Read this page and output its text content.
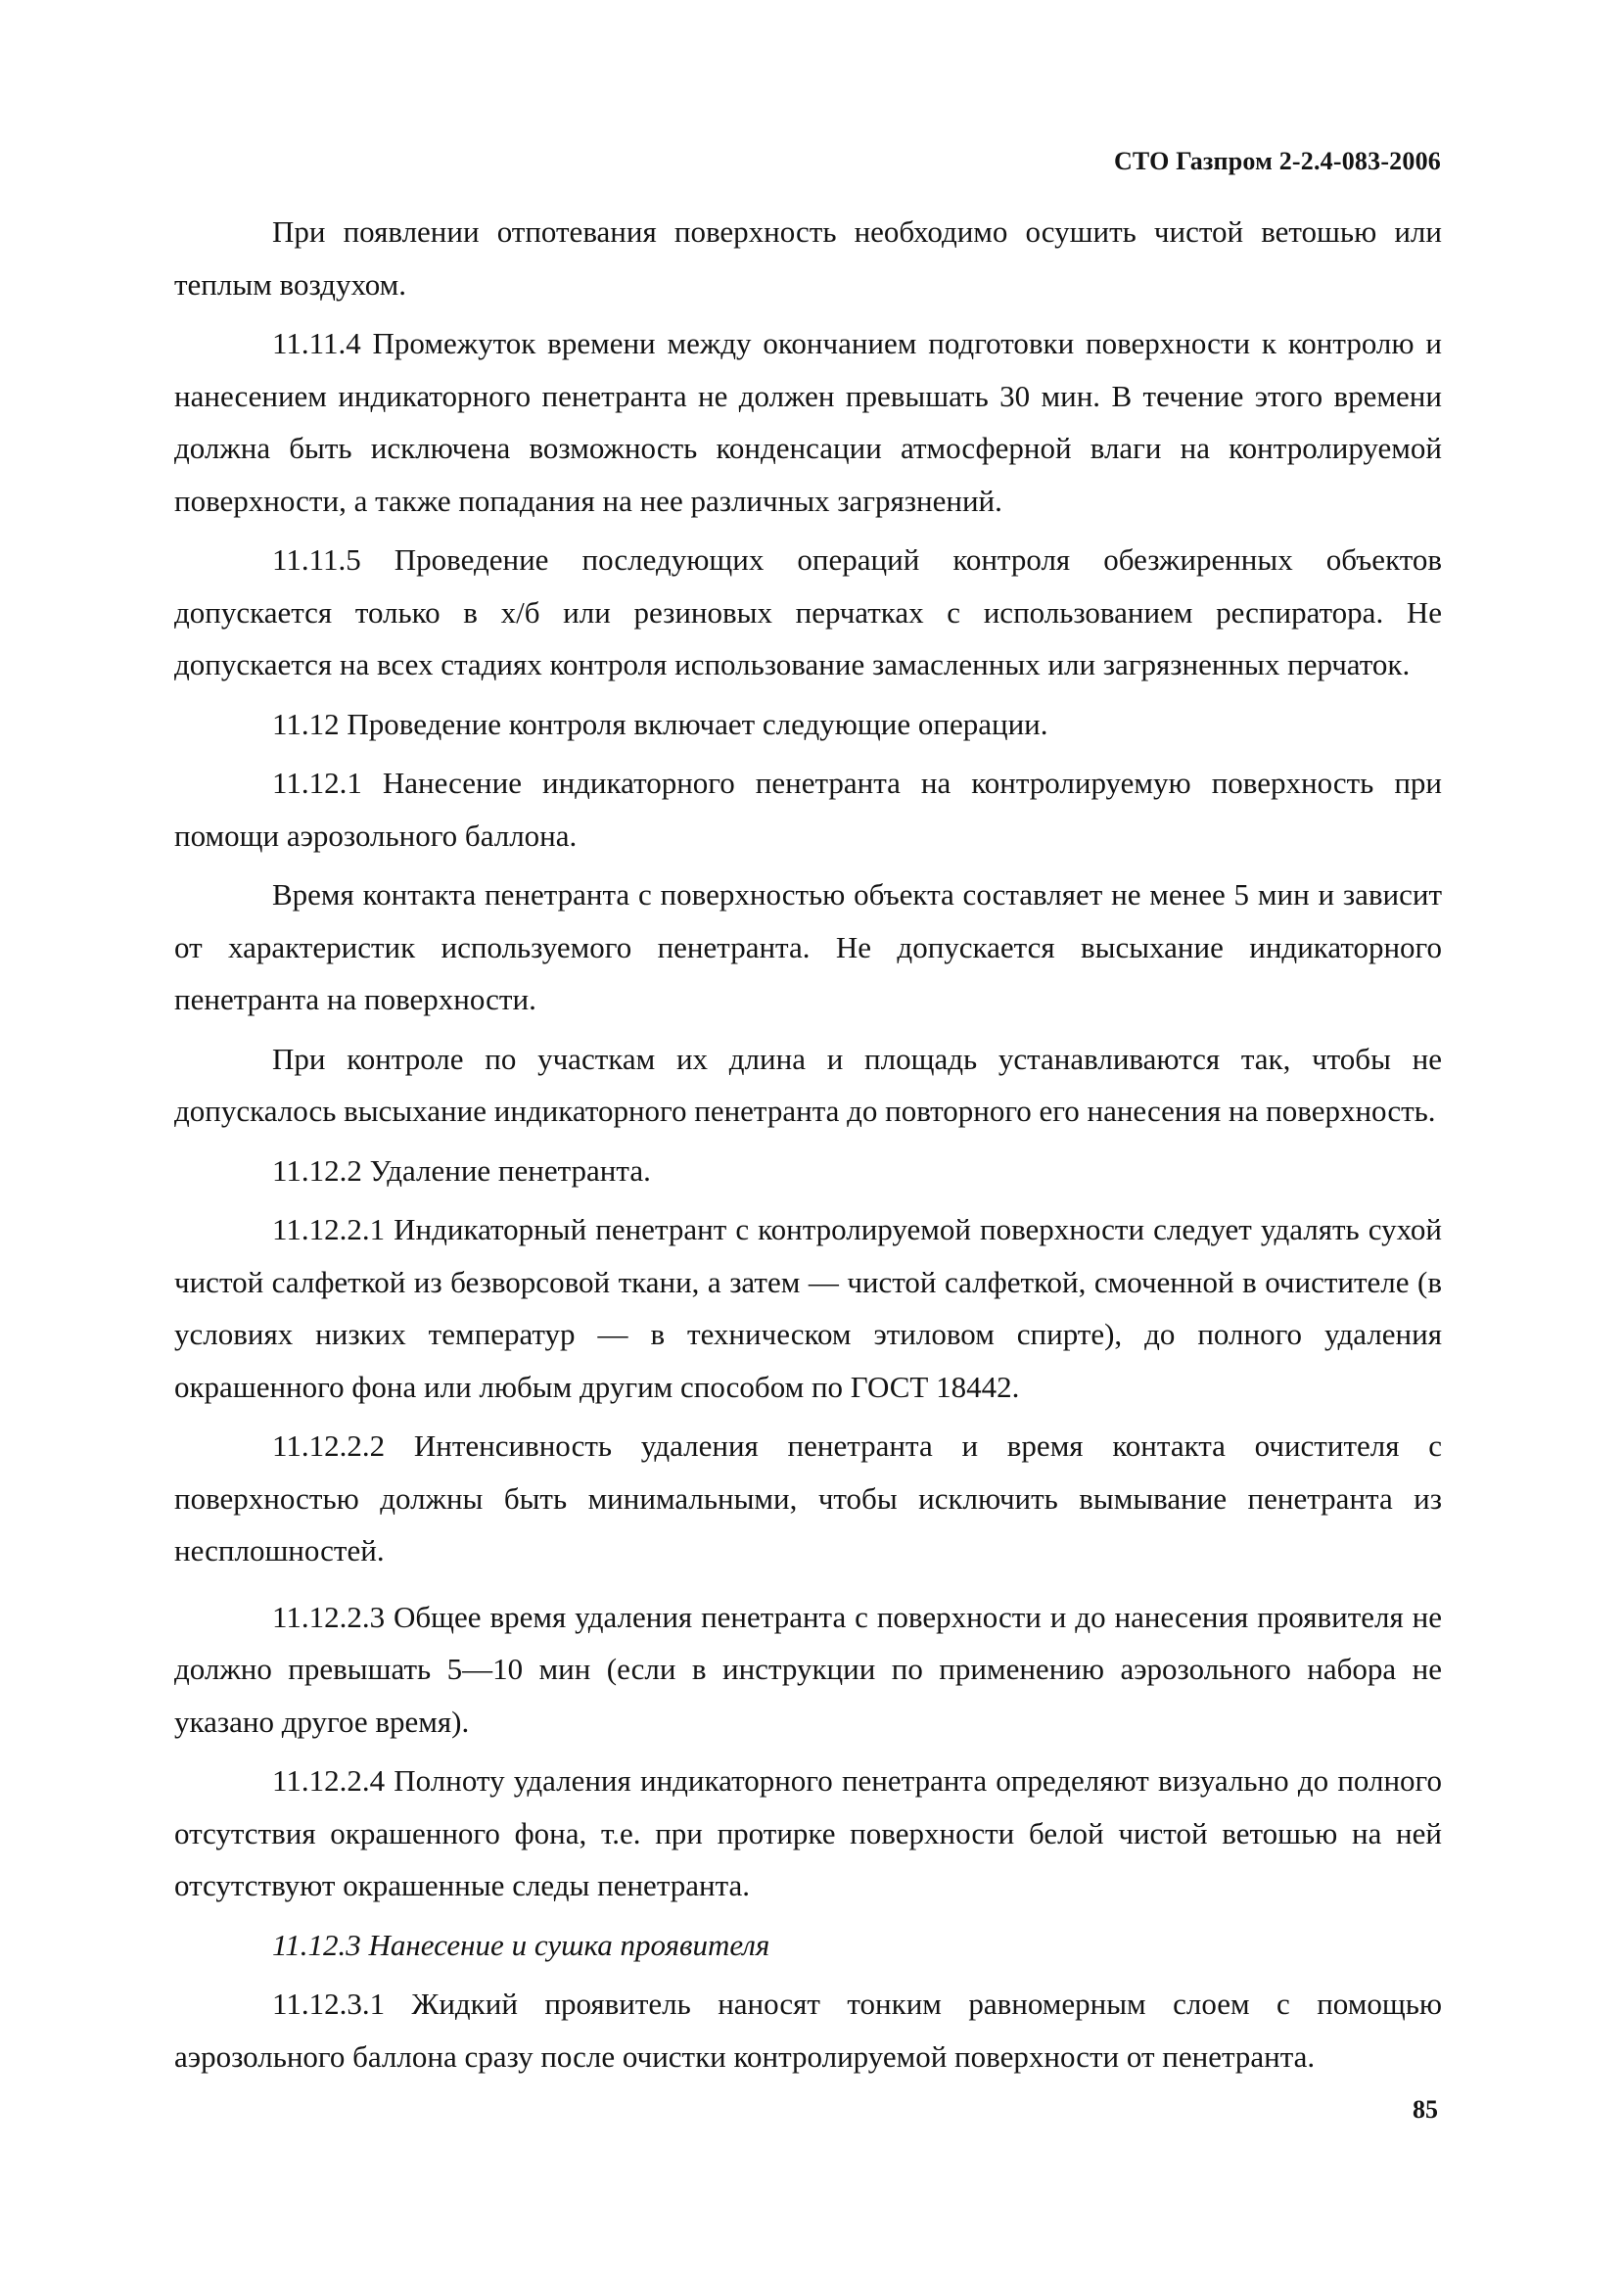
СТО Газпром 2-2.4-083-2006

При появлении отпотевания поверхность необходимо осушить чистой ветошью или теплым воздухом.

11.11.4 Промежуток времени между окончанием подготовки поверхности к контролю и нанесением индикаторного пенетранта не должен превышать 30 мин. В течение этого времени должна быть исключена возможность конденсации атмосферной влаги на контролируемой поверхности, а также попадания на нее различных загрязнений.

11.11.5 Проведение последующих операций контроля обезжиренных объектов допускается только в х/б или резиновых перчатках с использованием респиратора. Не допускается на всех стадиях контроля использование замасленных или загрязненных перчаток.

11.12 Проведение контроля включает следующие операции.

11.12.1 Нанесение индикаторного пенетранта на контролируемую поверхность при помощи аэрозольного баллона.

Время контакта пенетранта с поверхностью объекта составляет не менее 5 мин и зависит от характеристик используемого пенетранта. Не допускается высыхание индикаторного пенетранта на поверхности.

При контроле по участкам их длина и площадь устанавливаются так, чтобы не допускалось высыхание индикаторного пенетранта до повторного его нанесения на поверхность.

11.12.2 Удаление пенетранта.

11.12.2.1 Индикаторный пенетрант с контролируемой поверхности следует удалять сухой чистой салфеткой из безворсовой ткани, а затем — чистой салфеткой, смоченной в очистителе (в условиях низких температур — в техническом этиловом спирте), до полного удаления окрашенного фона или любым другим способом по ГОСТ 18442.

11.12.2.2 Интенсивность удаления пенетранта и время контакта очистителя с поверхностью должны быть минимальными, чтобы исключить вымывание пенетранта из несплошностей.

11.12.2.3 Общее время удаления пенетранта с поверхности и до нанесения проявителя не должно превышать 5—10 мин (если в инструкции по применению аэрозольного набора не указано другое время).

11.12.2.4 Полноту удаления индикаторного пенетранта определяют визуально до полного отсутствия окрашенного фона, т.е. при протирке поверхности белой чистой ветошью на ней отсутствуют окрашенные следы пенетранта.

11.12.3 Нанесение и сушка проявителя

11.12.3.1 Жидкий проявитель наносят тонким равномерным слоем с помощью аэрозольного баллона сразу после очистки контролируемой поверхности от пенетранта.

85
